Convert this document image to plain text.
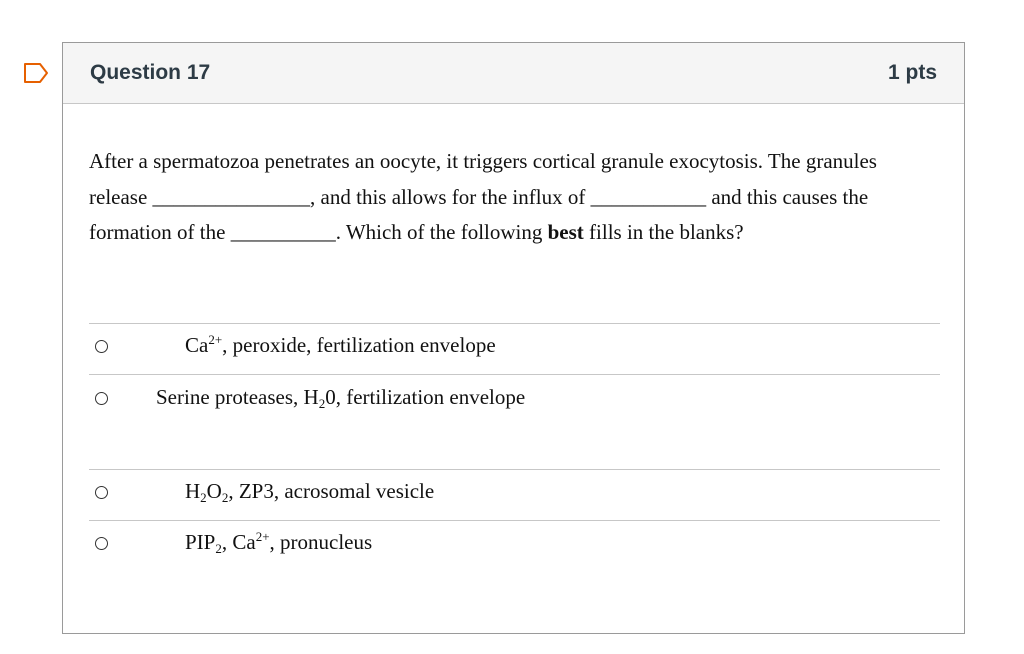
Question 17	1 pts
After a spermatozoa penetrates an oocyte, it triggers cortical granule exocytosis. The granules release _______________, and this allows for the influx of ___________ and this causes the formation of the __________. Which of the following best fills in the blanks?
$Ca^{2+}$, peroxide, fertilization envelope
Serine proteases, $H_20$, fertilization envelope
$H_2O_2$, ZP3, acrosomal vesicle
$PIP_2$, $Ca^{2+}$, pronucleus
